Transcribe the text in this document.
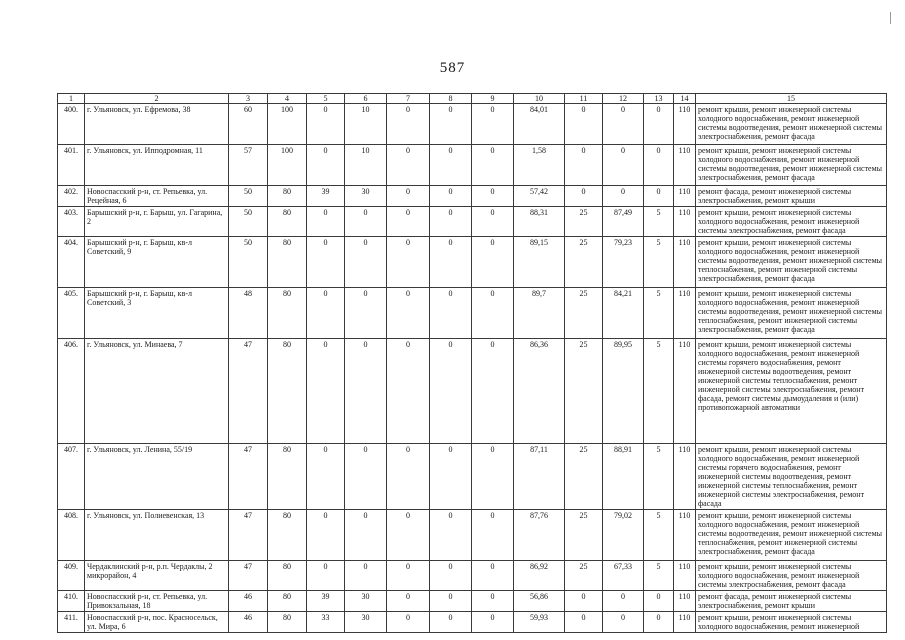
587
1	2	3	4	5	6	7	8	9	10	11	12	13	14	15
400.	г. Ульяновск, ул. Ефремова, 38	60	100	0	10	0	0	0	84,01	0	0	0	110	ремонт крыши, ремонт инженерной системы холодного водоснабжения, ремонт инженерной системы водоотведения, ремонт инженерной системы электроснабжения, ремонт фасада
401.	г. Ульяновск, ул. Ипподромная, 11	57	100	0	10	0	0	0	1,58	0	0	0	110	ремонт крыши, ремонт инженерной системы холодного водоснабжения, ремонт инженерной системы водоотведения, ремонт инженерной системы электроснабжения, ремонт фасада
402.	Новоспасский р-н, ст. Репьевка, ул. Рецейная, 6	50	80	39	30	0	0	0	57,42	0	0	0	110	ремонт фасада, ремонт инженерной системы электроснабжения, ремонт крыши
403.	Барышский р-н, г. Барыш, ул. Гагарина, 2	50	80	0	0	0	0	0	88,31	25	87,49	5	110	ремонт крыши, ремонт инженерной системы холодного водоснабжения, ремонт инженерной системы электроснабжения, ремонт фасада
404.	Барышский р-н, г. Барыш, кв-л Советский, 9	50	80	0	0	0	0	0	89,15	25	79,23	5	110	ремонт крыши, ремонт инженерной системы холодного водоснабжения, ремонт инженерной системы водоотведения, ремонт инженерной системы теплоснабжения, ремонт инженерной системы электроснабжения, ремонт фасада
405.	Барышский р-н, г. Барыш, кв-л Советский, 3	48	80	0	0	0	0	0	89,7	25	84,21	5	110	ремонт крыши, ремонт инженерной системы холодного водоснабжения, ремонт инженерной системы водоотведения, ремонт инженерной системы теплоснабжения, ремонт инженерной системы электроснабжения, ремонт фасада
406.	г. Ульяновск, ул. Минаева, 7	47	80	0	0	0	0	0	86,36	25	89,95	5	110	ремонт крыши, ремонт инженерной системы холодного водоснабжения, ремонт инженерной системы горячего водоснабжения, ремонт инженерной системы водоотведения, ремонт инженерной системы теплоснабжения, ремонт инженерной системы электроснабжения, ремонт фасада, ремонт системы дымоудаления и (или) противопожарной автоматики
407.	г. Ульяновск, ул. Ленина, 55/19	47	80	0	0	0	0	0	87,11	25	88,91	5	110	ремонт крыши, ремонт инженерной системы холодного водоснабжения, ремонт инженерной системы горячего водоснабжения, ремонт инженерной системы водоотведения, ремонт инженерной системы теплоснабжения, ремонт инженерной системы электроснабжения, ремонт фасада
408.	г. Ульяновск, ул. Полиевенская, 13	47	80	0	0	0	0	0	87,76	25	79,02	5	110	ремонт крыши, ремонт инженерной системы холодного водоснабжения, ремонт инженерной системы водоотведения, ремонт инженерной системы теплоснабжения, ремонт инженерной системы электроснабжения, ремонт фасада
409.	Чердаклинский р-н, р.п. Чердаклы, 2 микрорайон, 4	47	80	0	0	0	0	0	86,92	25	67,33	5	110	ремонт крыши, ремонт инженерной системы холодного водоснабжения, ремонт инженерной системы электроснабжения, ремонт фасада
410.	Новоспасский р-н, ст. Репьевка, ул. Привокзальная, 18	46	80	39	30	0	0	0	56,86	0	0	0	110	ремонт фасада, ремонт инженерной системы электроснабжения, ремонт крыши
411.	Новоспасский р-н, пос. Красносельск, ул. Мира, 6	46	80	33	30	0	0	0	59,93	0	0	0	110	ремонт крыши, ремонт инженерной системы холодного водоснабжения, ремонт инженерной
